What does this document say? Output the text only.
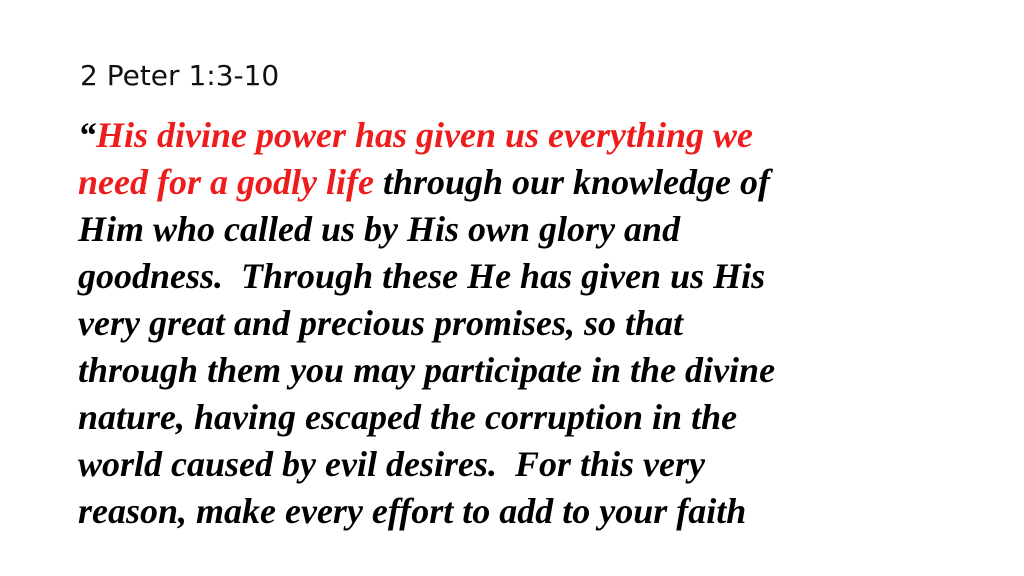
2 Peter 1:3-10

“His divine power has given us everything we
need for a godly life through our knowledge of
Him who called us by His own glory and
goodness.  Through these He has given us His
very great and precious promises, so that
through them you may participate in the divine
nature, having escaped the corruption in the
world caused by evil desires.  For this very
reason, make every effort to add to your faith
